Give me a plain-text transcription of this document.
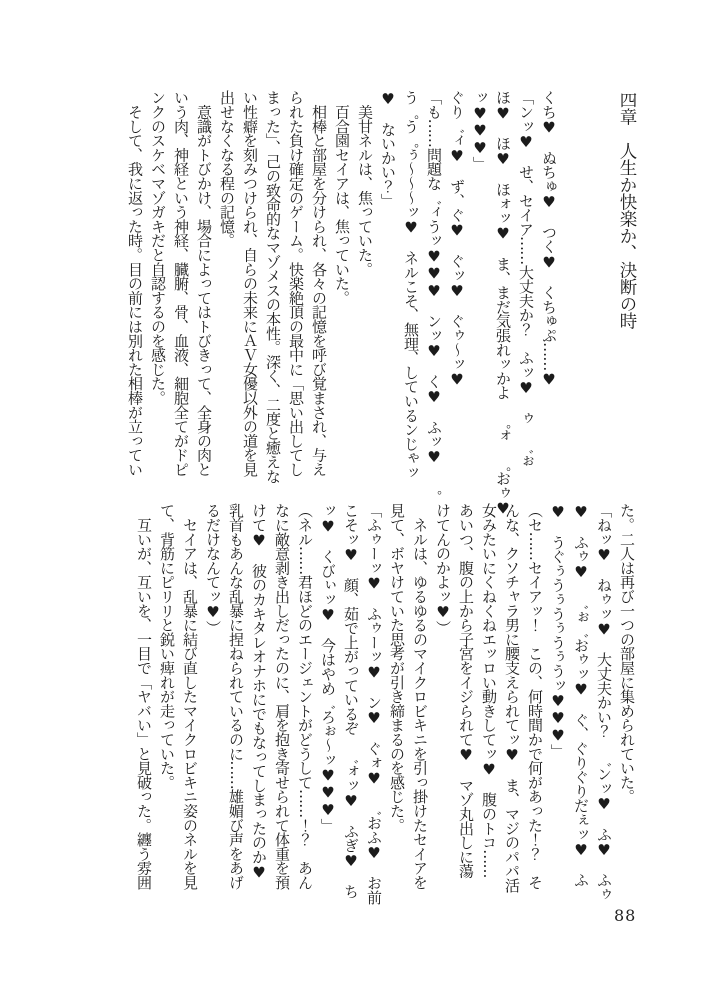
四章　人生か快楽か、決断の時
くち♥　ぬちゅ♥　つく♥　くちゅぷ……♥
「ンッ♥　せ、セイア……大丈夫か？　ふッ♥　ゥ　゛ぉ
ほ♥　ほ♥　ほォッ♥　ま、まだ気張れッかよ　゜ォ　゜おゥ♥
ッ♥♥♥」
ぐり゛ィ♥　ず、ぐ♥　ぐッ♥　ぐゥ〜ッ♥
「も……問題な゛ィうッ♥♥♥　ンッ♥　く♥　ふッ♥　゜
う゜う゜ぅ〜〜〜ッ♥　ネルこそ、無理、しているンじゃッ
♥　ないかい？」
　美甘ネルは、焦っていた。
　百合園セイアは、焦っていた。
　相棒と部屋を分けられ、各々の記憶を呼び覚まされ、与え
られた負け確定のゲーム。快楽絶頂の最中に「思い出してし
まった」、己の致命的なマゾメスの本性。深く、二度と癒えな
い性癖を刻みつけられ、自らの未来にＡＶ女優以外の道を見
出せなくなる程の記憶。
　意識がトびかけ、場合によってはトびきって、全身の肉と
いう肉、神経という神経、臓腑、骨、血液、細胞全てがドピ
ンクのスケベマゾガキだと自認するのを感じた。
　そして、我に返った時。目の前には別れた相棒が立ってい
た。二人は再び一つの部屋に集められていた。
「ねッ♥　ねゥッ♥　大丈夫かい？　゛ンッ♥　ふ♥　ふゥ
♥　ふゥ♥　゛ぉ゛おゥッ♥　ぐ、ぐりぐりだぇッ♥　ふ
♥　うぐぅうぅうぅうぅうッ♥♥♥」
（セ……セイアッ！　この、何時間かで何があった！？　そ
んな、クソチャラ男に腰支えられてッ♥　ま、マジのパパ活
女みたいにくねくねエッロい動きしてッ♥　腹のトコ……
あいつ、腹の上から子宮をイジられて♥　マゾ丸出しに蕩
けてんのかよッ♥）
　ネルは、ゆるゆるのマイクロビキニを引っ掛けたセイアを
見て、ボヤけていた思考が引き締まるのを感じた。
「ふゥーッ♥　ふゥーッ♥　ン♥　ぐォ♥　゛おふ♥　お前
こそッ♥　顔、茹で上がっているぞ　゛ォッ♥　ふぎ♥　ち
ッ♥　くびぃッ♥　今はやめ゛ろぉ〜ッ♥♥♥」
（ネル……君ほどのエージェントがどうして……！？　あん
なに敵意剥き出しだったのに、肩を抱き寄せられて体重を預
けて♥　彼のカキタレオナホにでもなってしまったのか♥
乳首もあんな乱暴に捏ねられているのに……雄媚び声をあげ
るだけなんてッ♥）
　セイアは、乱暴に結び直したマイクロビキニ姿のネルを見
て、背筋にピリリと鋭い痺れが走っていた。
　互いが、互いを、一目で「ヤバい」と見破った。纏う雰囲
88
